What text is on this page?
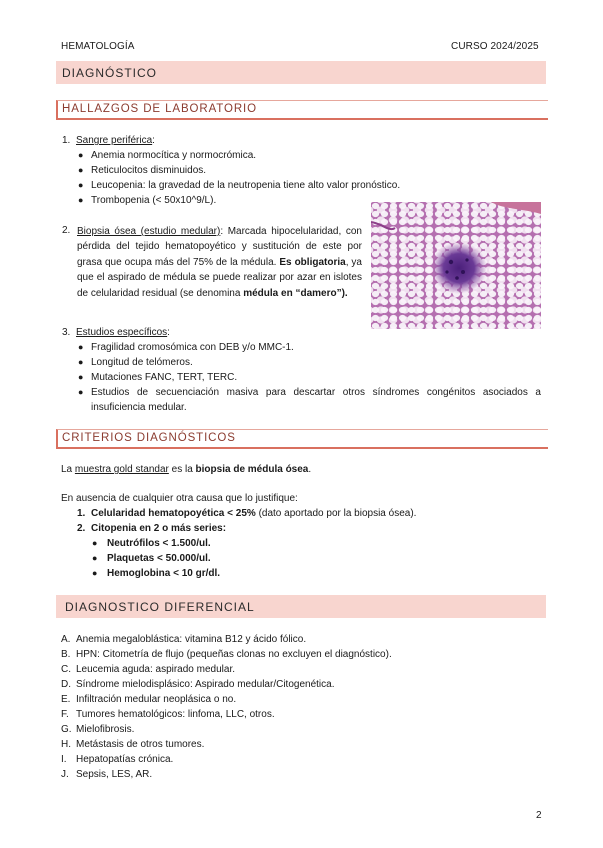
HEMATOLOGÍA	CURSO 2024/2025
DIAGNÓSTICO
HALLAZGOS DE LABORATORIO
1. Sangre periférica:
● Anemia normocítica y normocrómica.
● Reticulocitos disminuidos.
● Leucopenia: la gravedad de la neutropenia tiene alto valor pronóstico.
● Trombopenia (< 50x10^9/L).
2. Biopsia ósea (estudio medular): Marcada hipocelularidad, con pérdida del tejido hematopoyético y sustitución de este por grasa que ocupa más del 75% de la médula. Es obligatoria, ya que el aspirado de médula se puede realizar por azar en islotes de celularidad residual (se denomina médula en “damero”).
3. Estudios específicos:
● Fragilidad cromosómica con DEB y/o MMC-1.
● Longitud de telómeros.
● Mutaciones FANC, TERT, TERC.
● Estudios de secuenciación masiva para descartar otros síndromes congénitos asociados a
insuficiencia medular.
CRITERIOS DIAGNÓSTICOS
La muestra gold standar es la biopsia de médula ósea.
En ausencia de cualquier otra causa que lo justifique:
1. Celularidad hematopoyética < 25% (dato aportado por la biopsia ósea).
2. Citopenia en 2 o más series:
● Neutrófilos < 1.500/ul.
● Plaquetas < 50.000/ul.
● Hemoglobina < 10 gr/dl.
DIAGNOSTICO DIFERENCIAL
A. Anemia megaloblástica: vitamina B12 y ácido fólico.
B. HPN: Citometría de flujo (pequeñas clonas no excluyen el diagnóstico).
C. Leucemia aguda: aspirado medular.
D. Síndrome mielodisplásico: Aspirado medular/Citogenética.
E. Infiltración medular neoplásica o no.
F. Tumores hematológicos: linfoma, LLC, otros.
G. Mielofibrosis.
H. Metástasis de otros tumores.
I. Hepatopatías crónica.
J. Sepsis, LES, AR.
2
